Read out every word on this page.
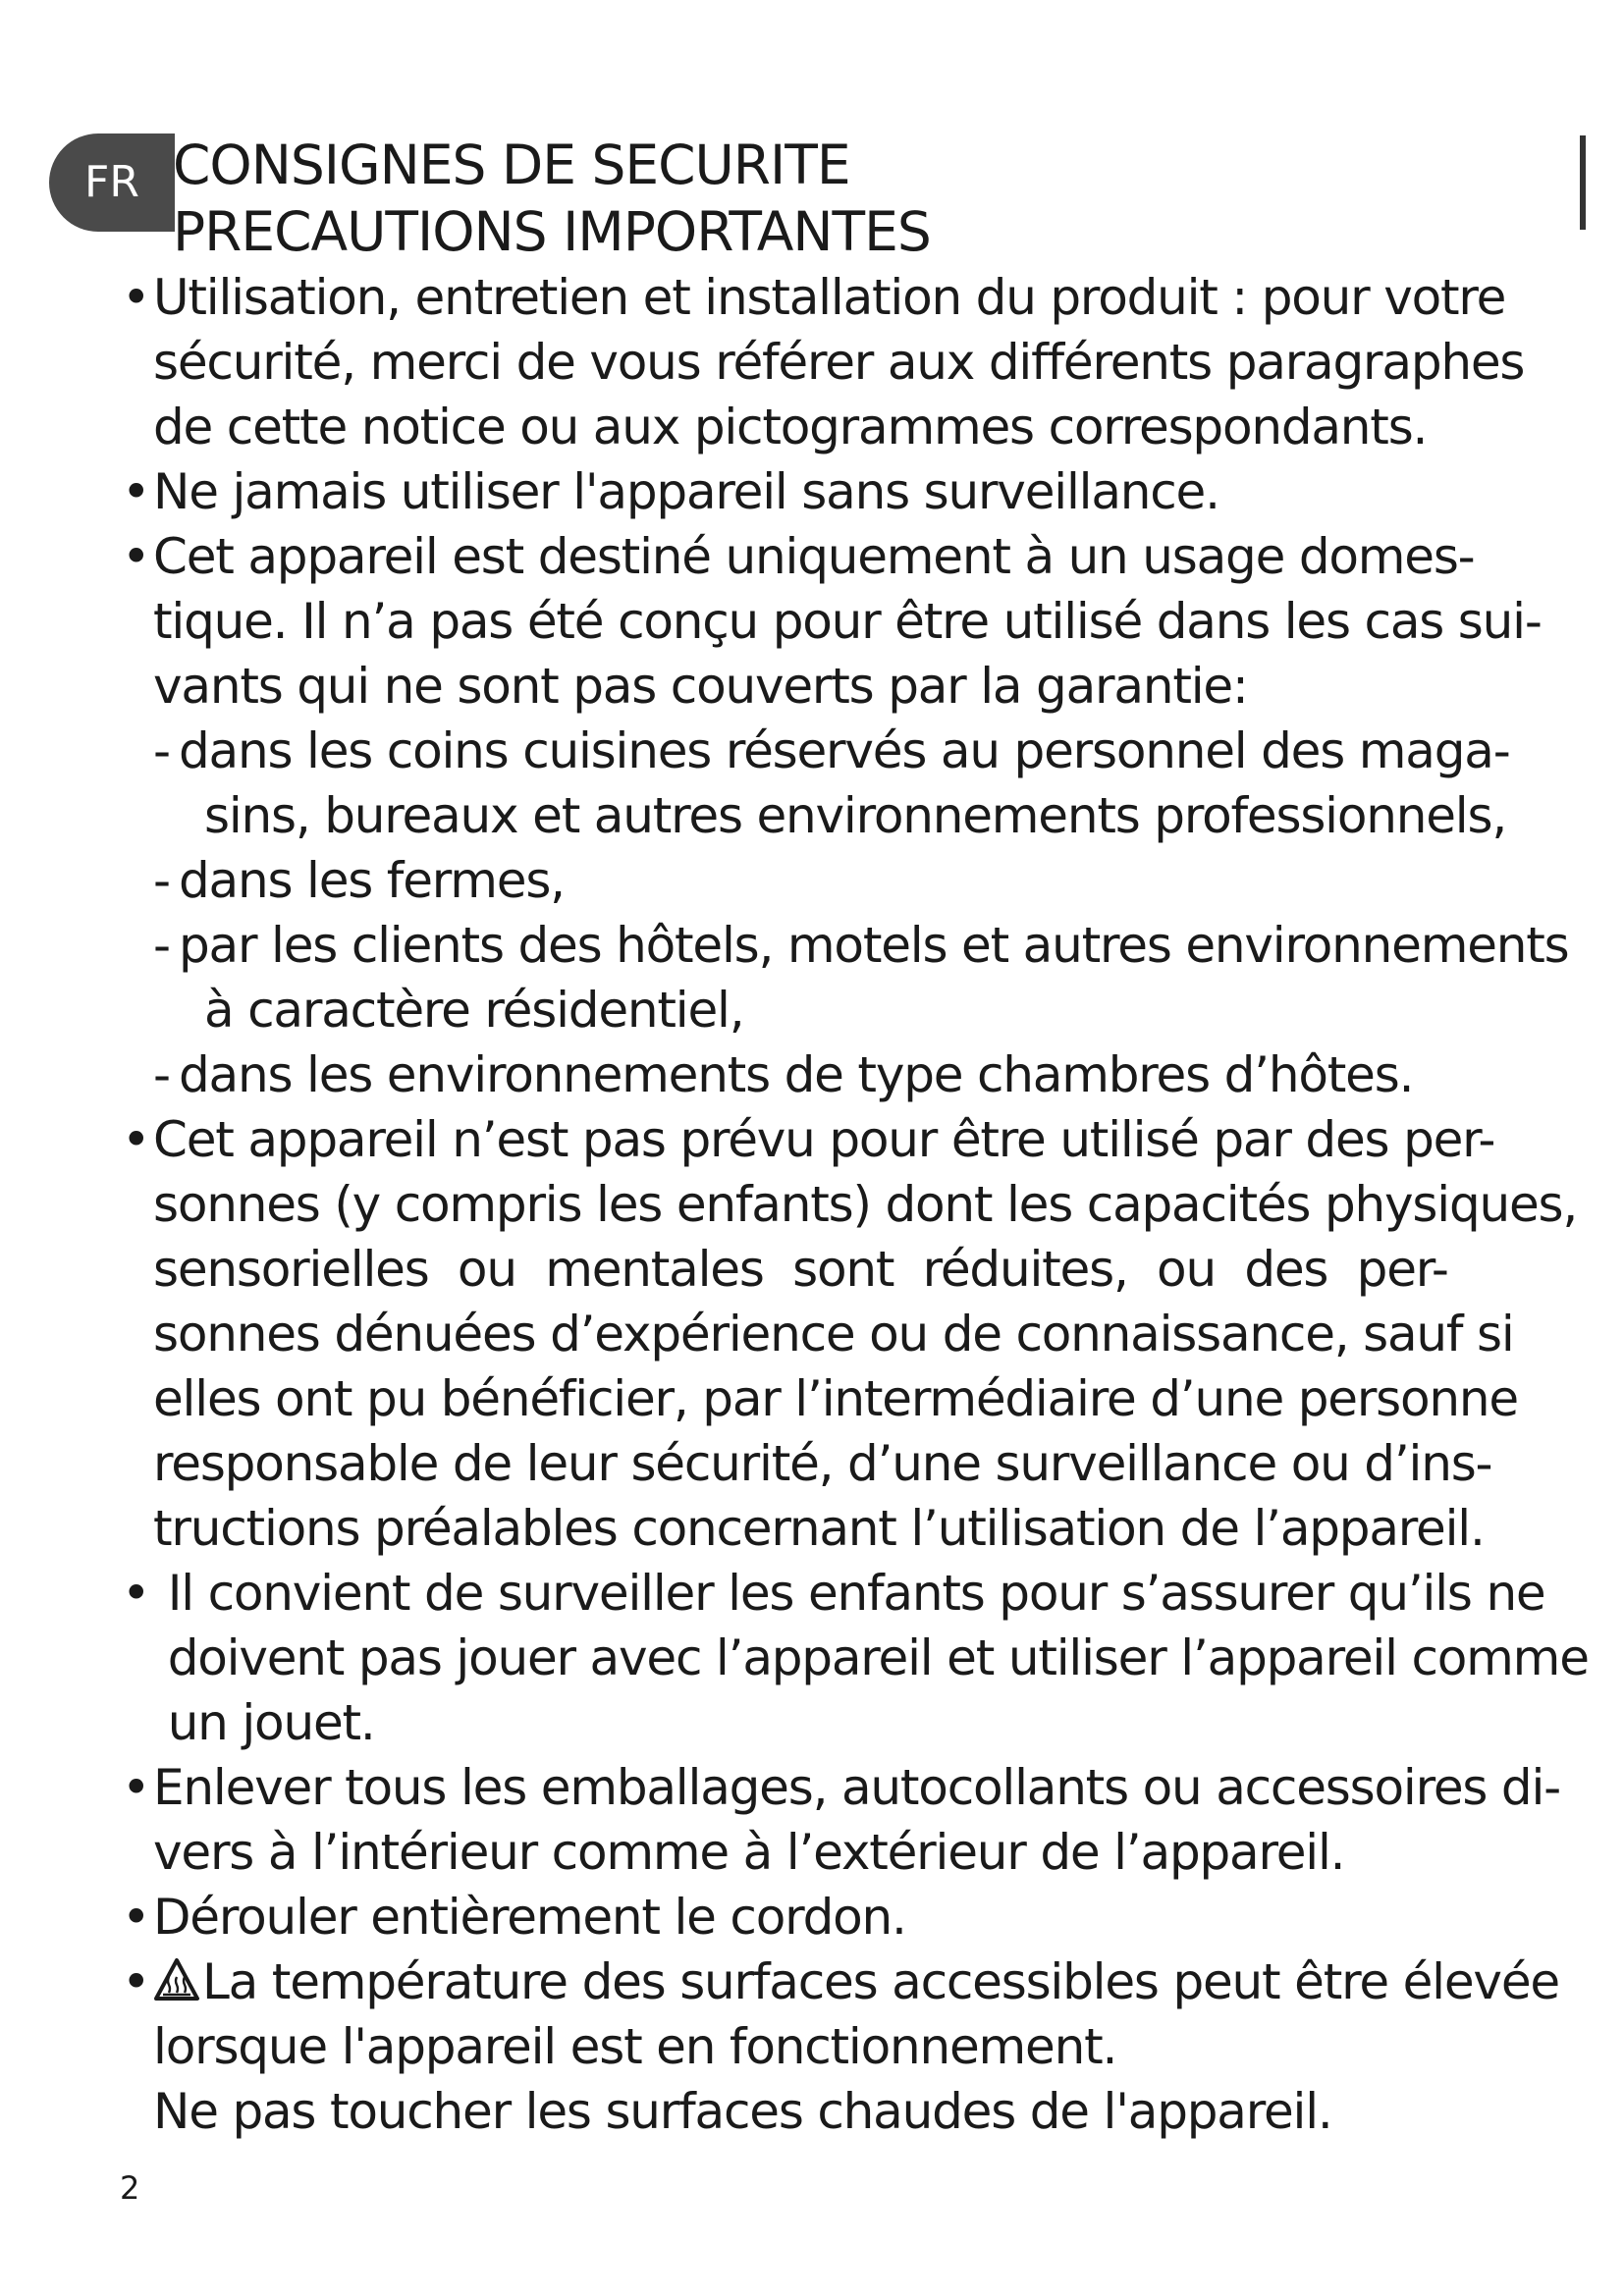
FR CONSIGNES DE SECURITE
PRECAUTIONS IMPORTANTES
• Utilisation, entretien et installation du produit : pour votre
sécurité, merci de vous référer aux différents paragraphes
de cette notice ou aux pictogrammes correspondants.
• Ne jamais utiliser l'appareil sans surveillance.
• Cet appareil est destiné uniquement à un usage domes-
tique. Il n’a pas été conçu pour être utilisé dans les cas sui-
vants qui ne sont pas couverts par la garantie:
- dans les coins cuisines réservés au personnel des maga-
sins, bureaux et autres environnements professionnels,
- dans les fermes,
- par les clients des hôtels, motels et autres environnements
à caractère résidentiel,
- dans les environnements de type chambres d’hôtes.
• Cet appareil n’est pas prévu pour être utilisé par des per-
sonnes (y compris les enfants) dont les capacités physiques,
sensorielles  ou  mentales  sont  réduites,  ou  des  per-
sonnes dénuées d’expérience ou de connaissance, sauf si
elles ont pu bénéficier, par l’intermédiaire d’une personne
responsable de leur sécurité, d’une surveillance ou d’ins-
tructions préalables concernant l’utilisation de l’appareil.
• Il convient de surveiller les enfants pour s’assurer qu’ils ne
doivent pas jouer avec l’appareil et utiliser l’appareil comme
un jouet.
• Enlever tous les emballages, autocollants ou accessoires di-
vers à l’intérieur comme à l’extérieur de l’appareil.
• Dérouler entièrement le cordon.
•	La température des surfaces accessibles peut être élevée
lorsque l'appareil est en fonctionnement.
Ne pas toucher les surfaces chaudes de l'appareil.
2
